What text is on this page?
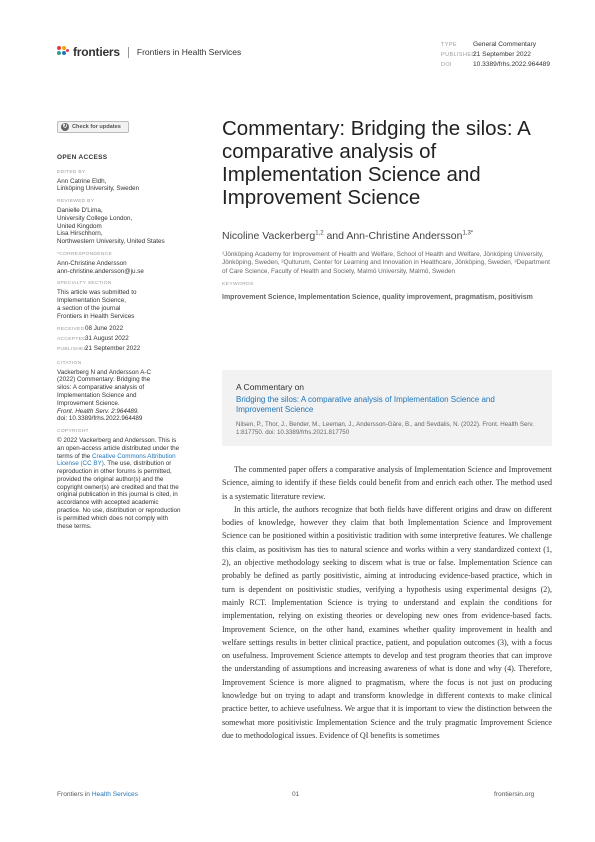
frontiers Frontiers in Health Services
TYPE General Commentary
PUBLISHED21 September 2022
DOI	10.3389/frhs.2022.964489
↻ Check for updates
OPEN ACCESS
EDITED BY
Ann Catrine Eldh,
Linköping University, Sweden
REVIEWED BY
Danielle D'Lima,
University College London,
United Kingdom
Lisa Hirschhorn,
Northwestern University, United States
*CORRESPONDENCE
Ann-Christine Andersson
ann-christine.andersson@ju.se
SPECIALTY SECTION
This article was submitted to
Implementation Science,
a section of the journal
Frontiers in Health Services
RECEIVED08 June 2022
ACCEPTED31 August 2022
PUBLISHED21 September 2022
CITATION
Vackerberg N and Andersson A-C
(2022) Commentary: Bridging the
silos: A comparative analysis of
Implementation Science and
Improvement Science.
Front. Health Serv. 2:964489.
doi: 10.3389/frhs.2022.964489
COPYRIGHT
© 2022 Vackerberg and Andersson. This is an open-access article distributed under the terms of the Creative Commons Attribution License (CC BY). The use, distribution or reproduction in other forums is permitted, provided the original author(s) and the copyright owner(s) are credited and that the original publication in this journal is cited, in accordance with accepted academic practice. No use, distribution or reproduction is permitted which does not comply with these terms.
Commentary: Bridging the silos: A comparative analysis of Implementation Science and Improvement Science
Nicoline Vackerberg$^{1,2}$ and Ann-Christine Andersson$^{1,3*}$
¹Jönköping Academy for Improvement of Health and Welfare, School of Health and Welfare, Jönköping University, Jönköping, Sweden, ²Qulturum, Center for Learning and Innovation in Healthcare, Jönköping, Sweden, ³Department of Care Science, Faculty of Health and Society, Malmö University, Malmö, Sweden
KEYWORDS
Improvement Science, Implementation Science, quality improvement, pragmatism, positivism
A Commentary on
Bridging the silos: A comparative analysis of Implementation Science and Improvement Science
Nilsen, P., Thor, J., Bender, M., Leeman, J., Andersson-Gäre, B., and Sevdalis, N. (2022). Front. Health Serv. 1:817750. doi: 10.3389/frhs.2021.817750

The commented paper offers a comparative analysis of Implementation Science and Improvement Science, aiming to identify if these fields could benefit from and enrich each other. The method used is a systematic literature review.

In this article, the authors recognize that both fields have different origins and draw on different bodies of knowledge, however they claim that both Implementation Science and Improvement Science can be positioned within a positivistic tradition with some interpretive features. We challenge this claim, as positivism has ties to natural science and works within a very standardized context (1, 2), an objective methodology seeking to discern what is true or false. Implementation Science can probably be defined as partly positivistic, aiming at introducing evidence-based practice, which in turn is dependent on positivistic studies, verifying a hypothesis using experimental designs (2), mainly RCT. Implementation Science is trying to understand and explain the conditions for implementation, relying on existing theories or developing new ones from evidence-based facts. Improvement Science, on the other hand, examines whether quality improvement in health and welfare settings results in better clinical practice, patient, and population outcomes (3), with a focus on usefulness. Improvement Science attempts to develop and test program theories that can improve the understanding of assumptions and increasing awareness of what is done and why (4). Therefore, Improvement Science is more aligned to pragmatism, where the focus is not just on producing knowledge but on trying to adapt and transform knowledge in different contexts to make clinical practice better, to achieve usefulness. We argue that it is important to view the distinction between the somewhat more positivistic Implementation Science and the truly pragmatic Improvement Science due to methodological issues. Evidence of QI benefits is sometimes

Frontiers in Health Services	01	frontiersin.org
